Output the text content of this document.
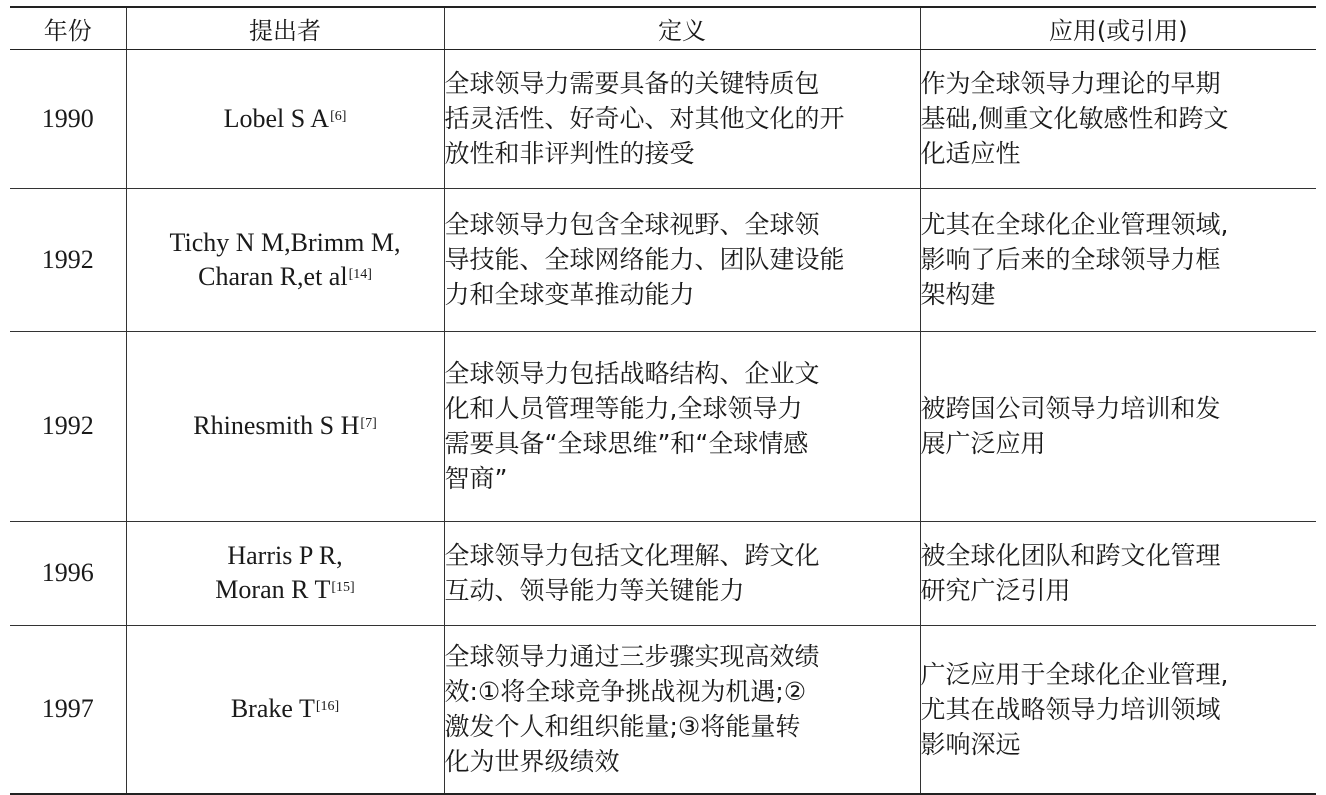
年份	提出者	定义	应用(或引用)
1990	Lobel S A[6]	全球领导力需要具备的关键特质包
括灵活性、好奇心、对其他文化的开
放性和非评判性的接受	作为全球领导力理论的早期
基础,侧重文化敏感性和跨文
化适应性

1992	Tichy N M,Brimm M,
Charan R,et al[14]	全球领导力包含全球视野、全球领
导技能、全球网络能力、团队建设能
力和全球变革推动能力	尤其在全球化企业管理领域,
影响了后来的全球领导力框
架构建

1992	Rhinesmith S H[7]	全球领导力包括战略结构、企业文
化和人员管理等能力,全球领导力
需要具备“全球思维”和“全球情感
智商”	被跨国公司领导力培训和发
展广泛应用

1996	Harris P R,
Moran R T[15]	全球领导力包括文化理解、跨文化
互动、领导能力等关键能力	被全球化团队和跨文化管理
研究广泛引用

1997	Brake T[16]	全球领导力通过三步骤实现高效绩
效:①将全球竞争挑战视为机遇;②
激发个人和组织能量;③将能量转
化为世界级绩效	广泛应用于全球化企业管理,
尤其在战略领导力培训领域
影响深远
